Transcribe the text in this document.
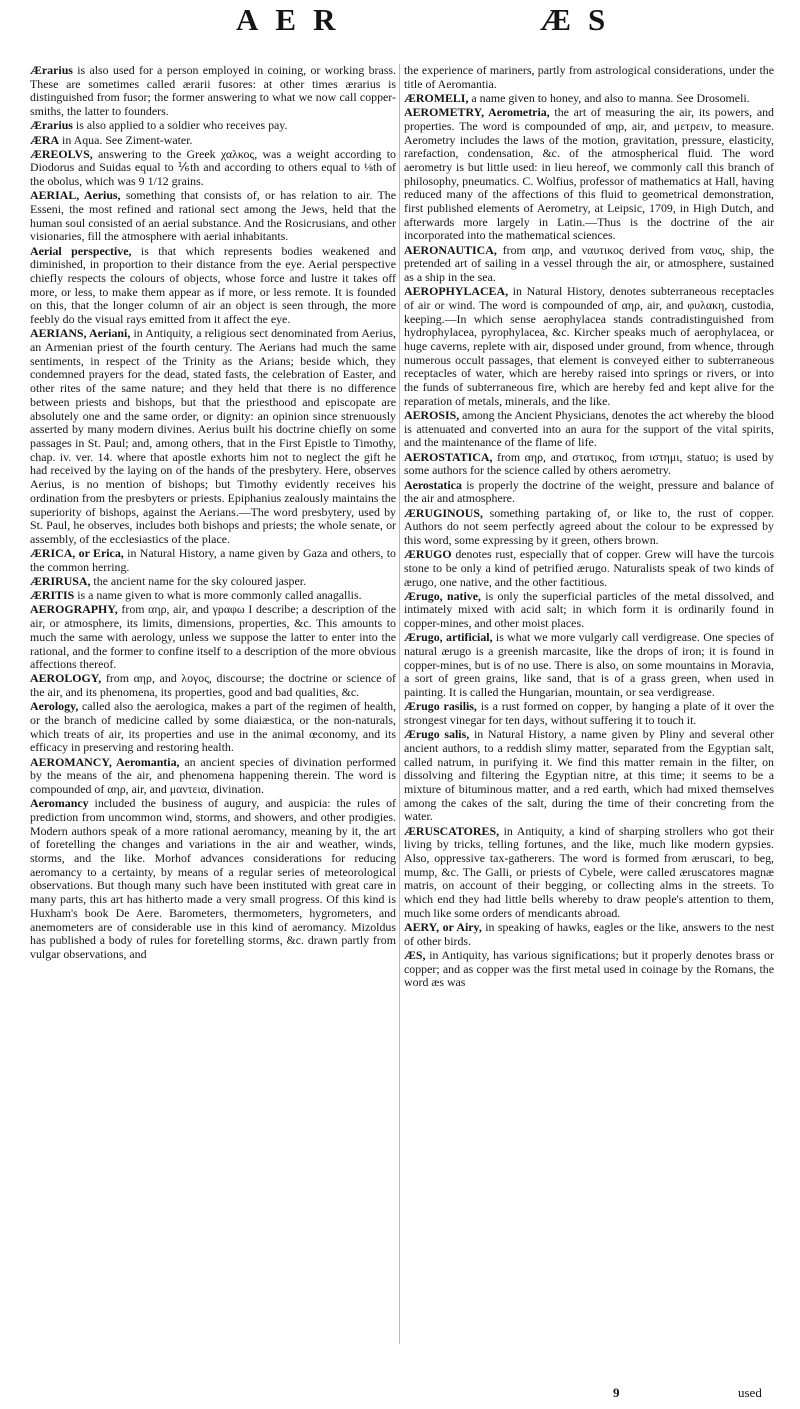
AER	ÆS

Ærarius is also used for a person employed in coining, or working brass. These are sometimes called ærarii fusores: at other times ærarius is distinguished from fusor; the former answering to what we now call copper-smiths, the latter to founders.

Ærarius is also applied to a soldier who receives pay.

ÆRA in Aqua. See Ziment-water.

ÆREOLVS, answering to the Greek χαλκος, was a weight according to Diodorus and Suidas equal to ⅙th and according to others equal to ⅛th of the obolus, which was 9 1/12 grains.

AERIAL, Aerius, something that consists of, or has relation to air. The Esseni, the most refined and rational sect among the Jews, held that the human soul consisted of an aerial substance. And the Rosicrusians, and other visionaries, fill the atmosphere with aerial inhabitants.

Aerial perspective, is that which represents bodies weakened and diminished, in proportion to their distance from the eye. Aerial perspective chiefly respects the colours of objects, whose force and lustre it takes off more, or less, to make them appear as if more, or less remote. It is founded on this, that the longer column of air an object is seen through, the more feebly do the visual rays emitted from it affect the eye.

AERIANS, Aeriani, in Antiquity, a religious sect denominated from Aerius, an Armenian priest of the fourth century. The Aerians had much the same sentiments, in respect of the Trinity as the Arians; beside which, they condemned prayers for the dead, stated fasts, the celebration of Easter, and other rites of the same nature; and they held that there is no difference between priests and bishops, but that the priesthood and episcopate are absolutely one and the same order, or dignity: an opinion since strenuously asserted by many modern divines. Aerius built his doctrine chiefly on some passages in St. Paul; and, among others, that in the First Epistle to Timothy, chap. iv. ver. 14. where that apostle exhorts him not to neglect the gift he had received by the laying on of the hands of the presbytery. Here, observes Aerius, is no mention of bishops; but Timothy evidently receives his ordination from the presbyters or priests. Epiphanius zealously maintains the superiority of bishops, against the Aerians.—The word presbytery, used by St. Paul, he observes, includes both bishops and priests; the whole senate, or assembly, of the ecclesiastics of the place.

ÆRICA, or Erica, in Natural History, a name given by Gaza and others, to the common herring.

ÆRIRUSA, the ancient name for the sky coloured jasper.

ÆRITIS is a name given to what is more commonly called anagallis.

AEROGRAPHY, from αηρ, air, and γραφω I describe; a description of the air, or atmosphere, its limits, dimensions, properties, &c. This amounts to much the same with aerology, unless we suppose the latter to enter into the rational, and the former to confine itself to a description of the more obvious affections thereof.

AEROLOGY, from αηρ, and λογος, discourse; the doctrine or science of the air, and its phenomena, its properties, good and bad qualities, &c.

Aerology, called also the aerologica, makes a part of the regimen of health, or the branch of medicine called by some diaiæstica, or the non-naturals, which treats of air, its properties and use in the animal œconomy, and its efficacy in preserving and restoring health.

AEROMANCY, Aeromantia, an ancient species of divination performed by the means of the air, and phenomena happening therein. The word is compounded of αηρ, air, and μαντεια, divination.

Aeromancy included the business of augury, and auspicia: the rules of prediction from uncommon wind, storms, and showers, and other prodigies. Modern authors speak of a more rational aeromancy, meaning by it, the art of foretelling the changes and variations in the air and weather, winds, storms, and the like. Morhof advances considerations for reducing aeromancy to a certainty, by means of a regular series of meteorological observations. But though many such have been instituted with great care in many parts, this art has hitherto made a very small progress. Of this kind is Huxham's book De Aere. Barometers, thermometers, hygrometers, and anemometers are of considerable use in this kind of aeromancy. Mizoldus has published a body of rules for foretelling storms, &c. drawn partly from vulgar observations, and

the experience of mariners, partly from astrological considerations, under the title of Aeromantia.

ÆROMELI, a name given to honey, and also to manna. See Drosomeli.

AEROMETRY, Aerometria, the art of measuring the air, its powers, and properties. The word is compounded of αηρ, air, and μετρειν, to measure. Aerometry includes the laws of the motion, gravitation, pressure, elasticity, rarefaction, condensation, &c. of the atmospherical fluid. The word aerometry is but little used: in lieu hereof, we commonly call this branch of philosophy, pneumatics. C. Wolfius, professor of mathematics at Hall, having reduced many of the affections of this fluid to geometrical demonstration, first published elements of Aerometry, at Leipsic, 1709, in High Dutch, and afterwards more largely in Latin.—Thus is the doctrine of the air incorporated into the mathematical sciences.

AERONAUTICA, from αηρ, and ναυτικος derived from ναυς, ship, the pretended art of sailing in a vessel through the air, or atmosphere, sustained as a ship in the sea.

AEROPHYLACEA, in Natural History, denotes subterraneous receptacles of air or wind. The word is compounded of αηρ, air, and φυλακη, custodia, keeping.—In which sense aerophylacea stands contradistinguished from hydrophylacea, pyrophylacea, &c. Kircher speaks much of aerophylacea, or huge caverns, replete with air, disposed under ground, from whence, through numerous occult passages, that element is conveyed either to subterraneous receptacles of water, which are hereby raised into springs or rivers, or into the funds of subterraneous fire, which are hereby fed and kept alive for the reparation of metals, minerals, and the like.

AEROSIS, among the Ancient Physicians, denotes the act whereby the blood is attenuated and converted into an aura for the support of the vital spirits, and the maintenance of the flame of life.

AEROSTATICA, from αηρ, and στατικος, from ιστημι, statuo; is used by some authors for the science called by others aerometry.

Aerostatica is properly the doctrine of the weight, pressure and balance of the air and atmosphere.

ÆRUGINOUS, something partaking of, or like to, the rust of copper. Authors do not seem perfectly agreed about the colour to be expressed by this word, some expressing by it green, others brown.

ÆRUGO denotes rust, especially that of copper. Grew will have the turcois stone to be only a kind of petrified ærugo. Naturalists speak of two kinds of ærugo, one native, and the other factitious.

Ærugo, native, is only the superficial particles of the metal dissolved, and intimately mixed with acid salt; in which form it is ordinarily found in copper-mines, and other moist places.

Ærugo, artificial, is what we more vulgarly call verdigrease. One species of natural ærugo is a greenish marcasite, like the drops of iron; it is found in copper-mines, but is of no use. There is also, on some mountains in Moravia, a sort of green grains, like sand, that is of a grass green, when used in painting. It is called the Hungarian, mountain, or sea verdigrease.

Ærugo rasilis, is a rust formed on copper, by hanging a plate of it over the strongest vinegar for ten days, without suffering it to touch it.

Ærugo salis, in Natural History, a name given by Pliny and several other ancient authors, to a reddish slimy matter, separated from the Egyptian salt, called natrum, in purifying it. We find this matter remain in the filter, on dissolving and filtering the Egyptian nitre, at this time; it seems to be a mixture of bituminous matter, and a red earth, which had mixed themselves among the cakes of the salt, during the time of their concreting from the water.

ÆRUSCATORES, in Antiquity, a kind of sharping strollers who got their living by tricks, telling fortunes, and the like, much like modern gypsies. Also, oppressive tax-gatherers. The word is formed from æruscari, to beg, mump, &c. The Galli, or priests of Cybele, were called æruscatores magnæ matris, on account of their begging, or collecting alms in the streets. To which end they had little bells whereby to draw people's attention to them, much like some orders of mendicants abroad.

AERY, or Airy, in speaking of hawks, eagles or the like, answers to the nest of other birds.

ÆS, in Antiquity, has various significations; but it properly denotes brass or copper; and as copper was the first metal used in coinage by the Romans, the word æs was

9	used
